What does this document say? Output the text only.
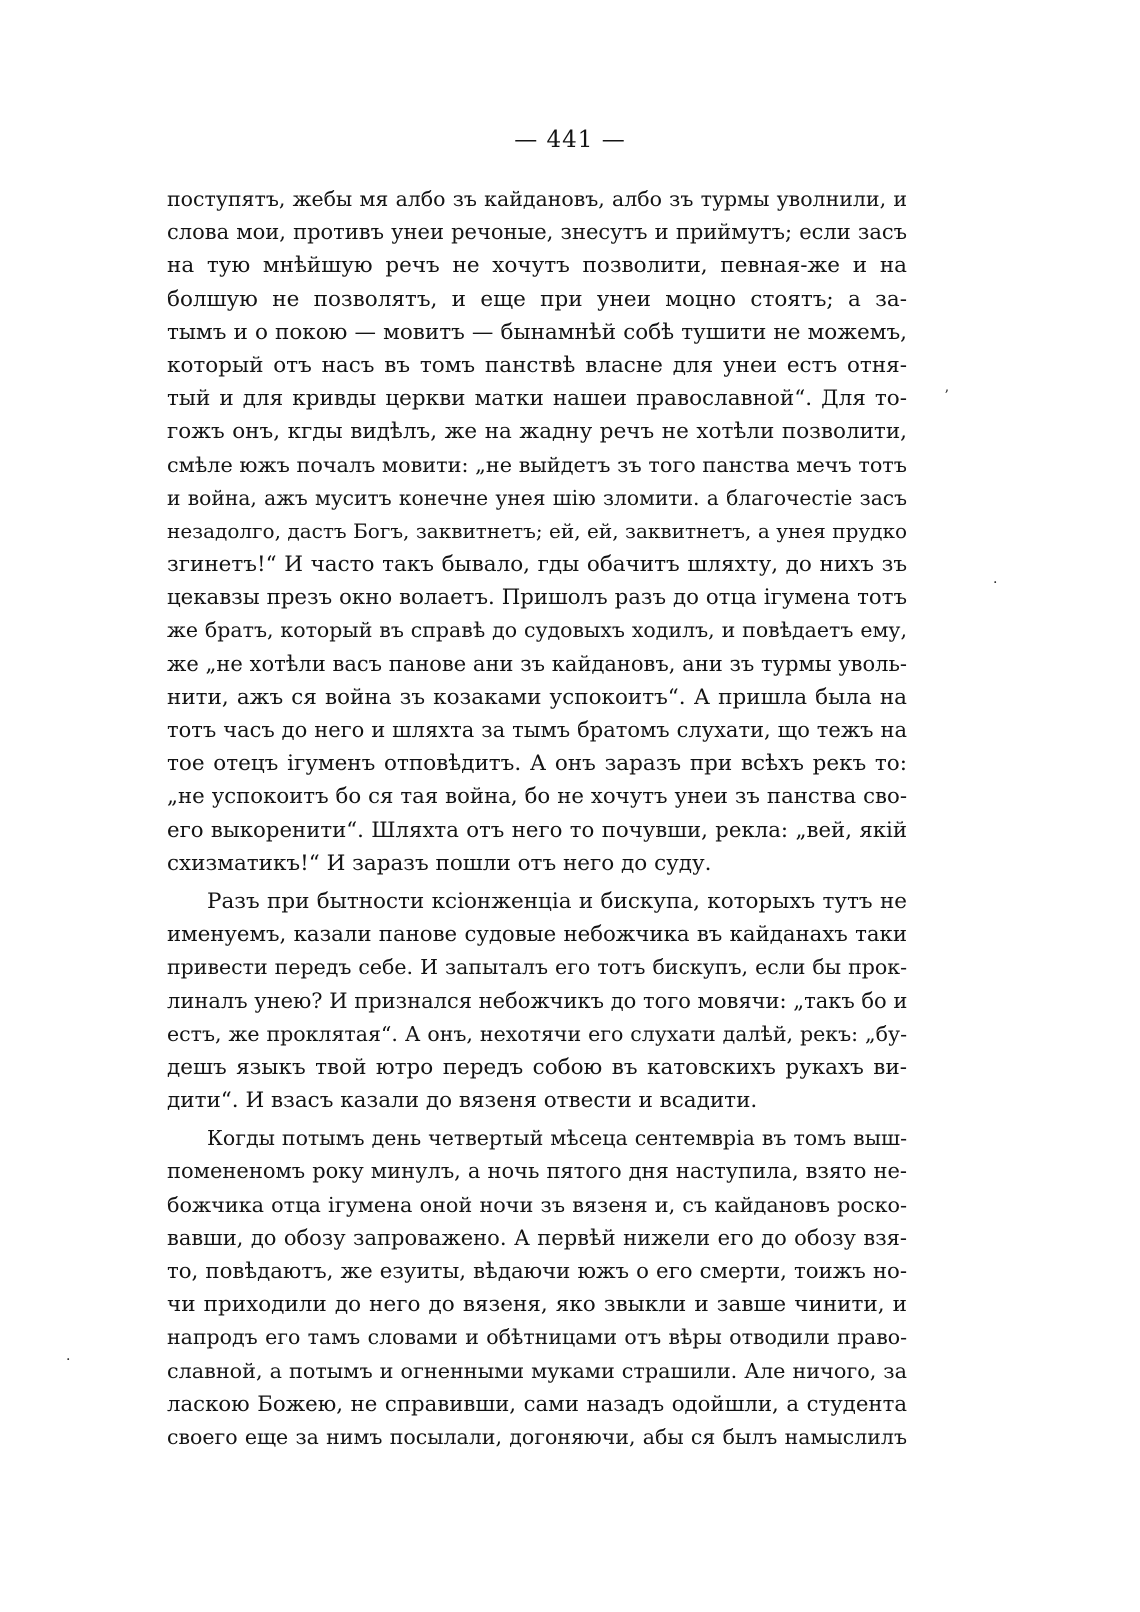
— 441 —
поступятъ, жебы мя албо зъ кайдановъ, албо зъ турмы уволнили, и
слова мои, противъ унеи речоные, знесутъ и приймутъ; если засъ
на тую мнѣйшую речъ не хочутъ позволити, певная-же и на
болшую не позволятъ, и еще при унеи моцно стоятъ; а за-
тымъ и о покою — мовитъ — бынамнѣй собѣ тушити не можемъ,
который отъ насъ въ томъ панствѣ власне для унеи естъ отня-
тый и для кривды церкви матки нашеи православной“. Для то-
гожъ онъ, кгды видѣлъ, же на жадну речъ не хотѣли позволити,
смѣле южъ почалъ мовити: „не выйдетъ зъ того панства мечъ тотъ
и война, ажъ муситъ конечне унея шію зломити. а благочестіе засъ
незадолго, дастъ Богъ, заквитнетъ; ей, ей, заквитнетъ, а унея прудко
згинетъ!“ И часто такъ бывало, гды обачитъ шляхту, до нихъ зъ
цекавзы презъ окно волаетъ. Пришолъ разъ до отца ігумена тотъ
же братъ, который въ справѣ до судовыхъ ходилъ, и повѣдаетъ ему,
же „не хотѣли васъ панове ани зъ кайдановъ, ани зъ турмы уволь-
нити, ажъ ся война зъ козаками успокоитъ“. А пришла была на
тотъ часъ до него и шляхта за тымъ братомъ слухати, що тежъ на
тое отецъ ігуменъ отповѣдитъ. А онъ заразъ при всѣхъ рекъ то:
„не успокоитъ бо ся тая война, бо не хочутъ унеи зъ панства сво-
его выкоренити“. Шляхта отъ него то почувши, рекла: „вей, якій
схизматикъ!“ И заразъ пошли отъ него до суду.
Разъ при бытности ксіонженціа и бискупа, которыхъ тутъ не
именуемъ, казали панове судовые небожчика въ кайданахъ таки
привести передъ себе. И запыталъ его тотъ бискупъ, если бы прок-
линалъ унею? И признался небожчикъ до того мовячи: „такъ бо и
естъ, же проклятая“. А онъ, нехотячи его слухати далѣй, рекъ: „бу-
дешъ языкъ твой ютро передъ собою въ катовскихъ рукахъ ви-
дити“. И взасъ казали до вязеня отвести и всадити.
Когды потымъ день четвертый мѣсеца сентемвріа въ томъ выш-
помененомъ року минулъ, а ночь пятого дня наступила, взято не-
божчика отца ігумена оной ночи зъ вязеня и, съ кайдановъ роско-
вавши, до обозу запроважено. А первѣй нижели его до обозу взя-
то, повѣдаютъ, же езуиты, вѣдаючи южъ о его смерти, тоижъ но-
чи приходили до него до вязеня, яко звыкли и завше чинити, и
напродъ его тамъ словами и обѣтницами отъ вѣры отводили право-
славной, а потымъ и огненными муками страшили. Але ничого, за
ласкою Божею, не справивши, сами назадъ одойшли, а студента
своего еще за нимъ посылали, догоняючи, абы ся былъ намыслилъ
ʼ
·
·
